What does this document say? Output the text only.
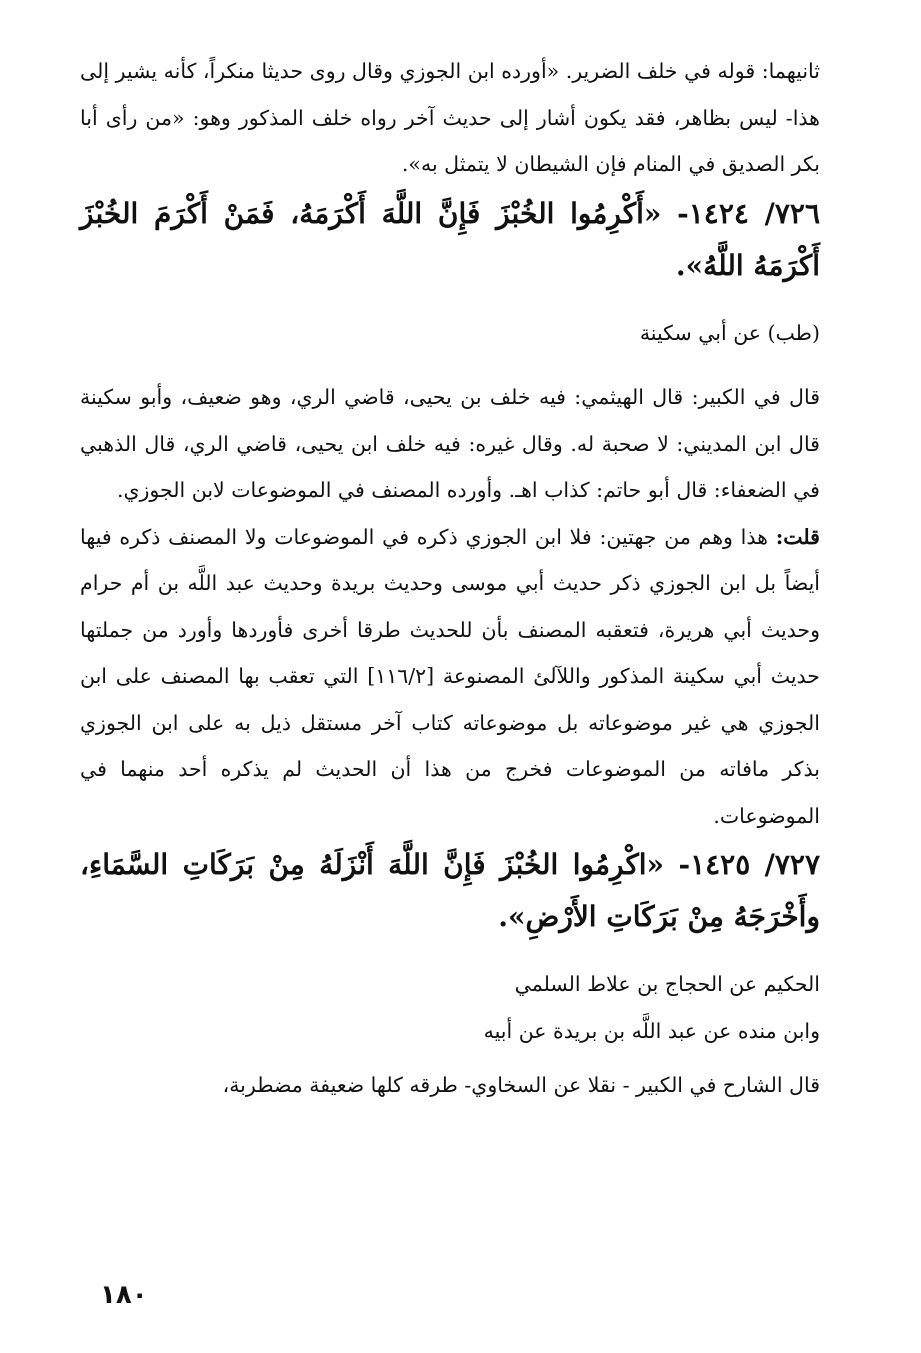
ثانيهما: قوله في خلف الضرير. «أورده ابن الجوزي وقال روى حديثا منكراً، كأنه يشير إلى هذا- ليس بظاهر، فقد يكون أشار إلى حديث آخر رواه خلف المذكور وهو: «من رأى أبا بكر الصديق في المنام فإن الشيطان لا يتمثل به».

٧٢٦/ ١٤٢٤- «أَكْرِمُوا الخُبْزَ فَإِنَّ اللَّهَ أَكْرَمَهُ، فَمَنْ أَكْرَمَ الخُبْزَ أَكْرَمَهُ اللَّهُ».

(طب) عن أبي سكينة

قال في الكبير: قال الهيثمي: فيه خلف بن يحيى، قاضي الري، وهو ضعيف، وأبو سكينة قال ابن المديني: لا صحبة له. وقال غيره: فيه خلف ابن يحيى، قاضي الري، قال الذهبي في الضعفاء: قال أبو حاتم: كذاب اهـ. وأورده المصنف في الموضوعات لابن الجوزي.

قلت: هذا وهم من جهتين: فلا ابن الجوزي ذكره في الموضوعات ولا المصنف ذكره فيها أيضاً بل ابن الجوزي ذكر حديث أبي موسى وحديث بريدة وحديث عبد اللَّه بن أم حرام وحديث أبي هريرة، فتعقبه المصنف بأن للحديث طرقا أخرى فأوردها وأورد من جملتها حديث أبي سكينة المذكور واللآلئ المصنوعة [١١٦/٢] التي تعقب بها المصنف على ابن الجوزي هي غير موضوعاته بل موضوعاته كتاب آخر مستقل ذيل به على ابن الجوزي بذكر مافاته من الموضوعات فخرج من هذا أن الحديث لم يذكره أحد منهما في الموضوعات.

٧٢٧/ ١٤٢٥- «اكْرِمُوا الخُبْزَ فَإِنَّ اللَّهَ أَنْزَلَهُ مِنْ بَرَكَاتِ السَّمَاءِ، وأَخْرَجَهُ مِنْ بَرَكَاتِ الأَرْضِ».

الحكيم عن الحجاج بن علاط السلمي

وابن منده عن عبد اللَّه بن بريدة عن أبيه

قال الشارح في الكبير - نقلا عن السخاوي- طرقه كلها ضعيفة مضطربة،

١٨٠
